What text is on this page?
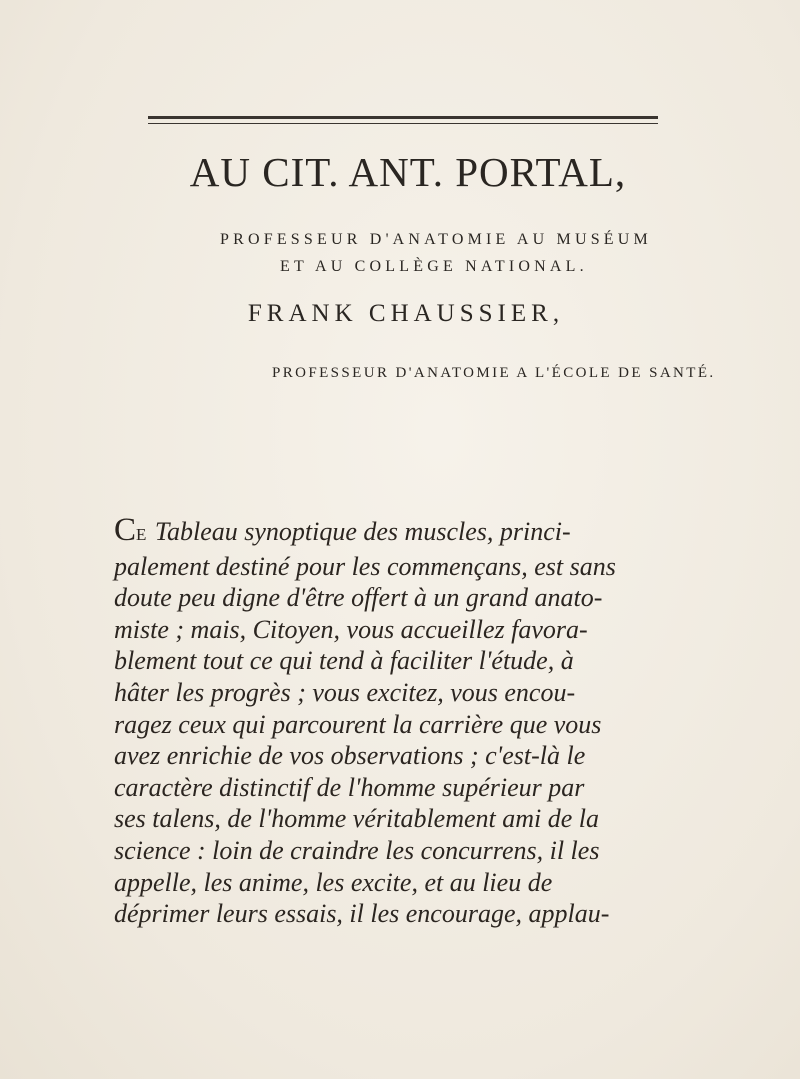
AU CIT. ANT. PORTAL,
PROFESSEUR D'ANATOMIE AU MUSÉUM
ET AU COLLÈGE NATIONAL.
FRANK CHAUSSIER,
PROFESSEUR D'ANATOMIE A L'ÉCOLE DE SANTÉ.
CE Tableau synoptique des muscles, princi-
palement destiné pour les commençans, est sans
doute peu digne d'être offert à un grand anato-
miste ; mais, Citoyen, vous accueillez favora-
blement tout ce qui tend à faciliter l'étude, à
hâter les progrès ; vous excitez, vous encou-
ragez ceux qui parcourent la carrière que vous
avez enrichie de vos observations ; c'est-là le
caractère distinctif de l'homme supérieur par
ses talens, de l'homme véritablement ami de la
science : loin de craindre les concurrens, il les
appelle, les anime, les excite, et au lieu de
déprimer leurs essais, il les encourage, applau-
